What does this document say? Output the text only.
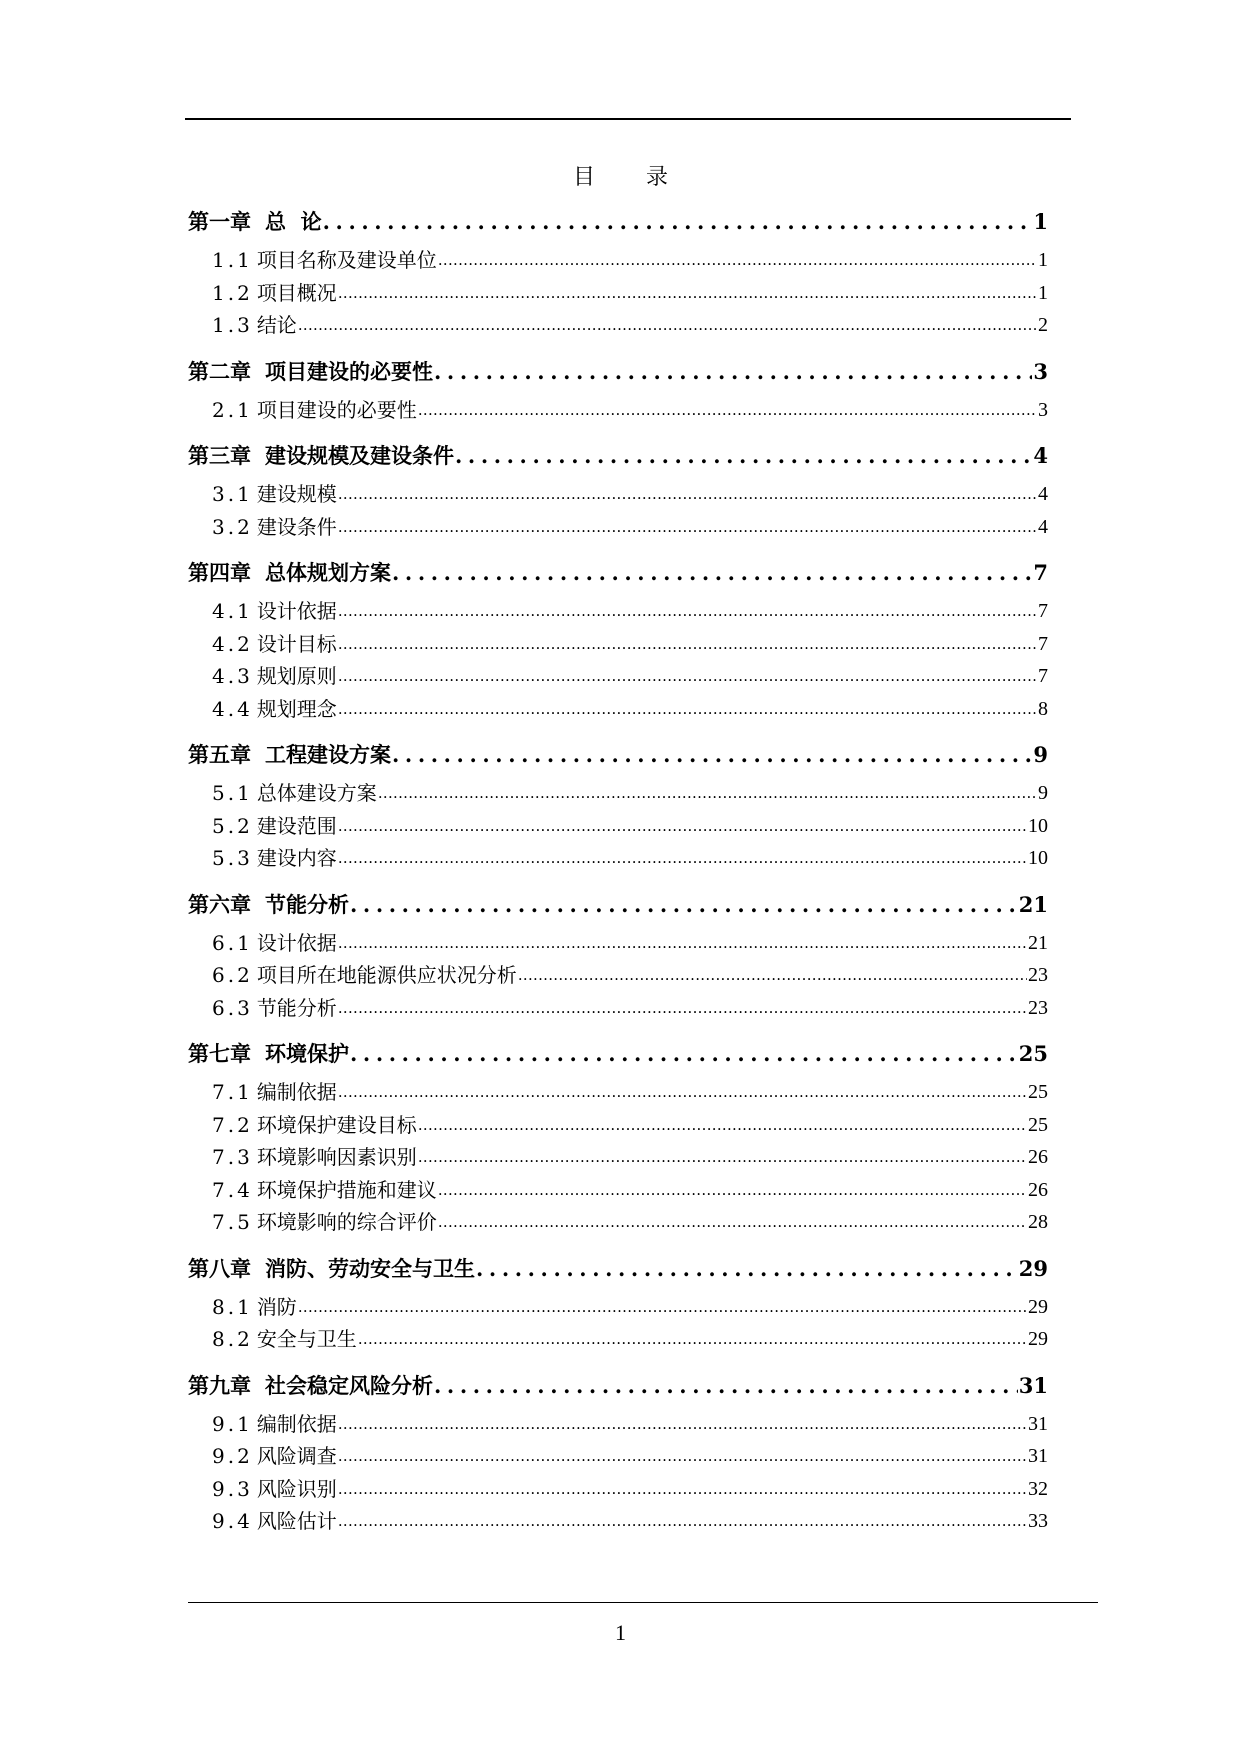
目 录
第一章 总  论 .....	1
1.1 项目名称及建设单位 .....	1
1.2 项目概况 .....	1
1.3 结论 .....	2
第二章 项目建设的必要性 .....	3
2.1 项目建设的必要性 .....	3
第三章 建设规模及建设条件 .....	4
3.1 建设规模 .....	4
3.2 建设条件 .....	4
第四章 总体规划方案 .....	7
4.1 设计依据 .....	7
4.2 设计目标 .....	7
4.3 规划原则 .....	7
4.4 规划理念 .....	8
第五章 工程建设方案 .....	9
5.1 总体建设方案 .....	9
5.2 建设范围 .....	10
5.3 建设内容 .....	10
第六章 节能分析 .....	21
6.1 设计依据 .....	21
6.2 项目所在地能源供应状况分析 .....	23
6.3 节能分析 .....	23
第七章 环境保护 .....	25
7.1 编制依据 .....	25
7.2 环境保护建设目标 .....	25
7.3 环境影响因素识别 .....	26
7.4 环境保护措施和建议 .....	26
7.5 环境影响的综合评价 .....	28
第八章 消防、劳动安全与卫生 .....	29
8.1 消防 .....	29
8.2 安全与卫生 .....	29
第九章 社会稳定风险分析 .....	31
9.1 编制依据 .....	31
9.2 风险调查 .....	31
9.3 风险识别 .....	32
9.4 风险估计 .....	33
1
